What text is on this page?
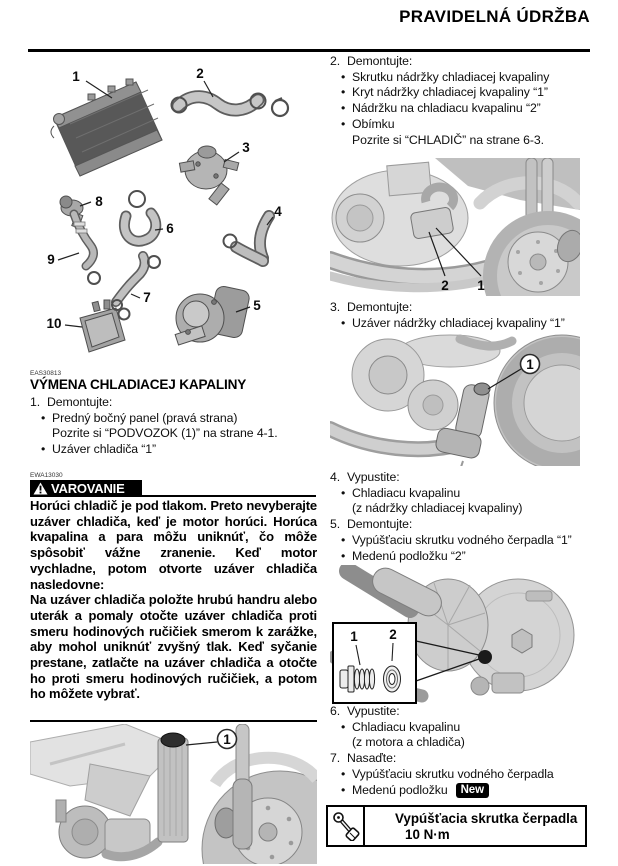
PRAVIDELNÁ ÚDRŽBA
1	2
3
8
6
4
9
7
5
10
EAS30813
VÝMENA CHLADIACEJ KAPALINY
1. Demontujte:
• Predný bočný panel (pravá strana)
Pozrite si “PODVOZOK (1)” na strane 4-1.
• Uzáver chladiča “1”
EWA13030
VAROVANIE
Horúci chladič je pod tlakom. Preto nevyberajte uzáver chladiča, keď je motor horúci. Horúca kvapalina a para môžu uniknúť, čo môže spôsobiť vážne zranenie. Keď motor vychladne, potom otvorte uzáver chladiča nasledovne:
Na uzáver chladiča položte hrubú handru alebo uterák a pomaly otočte uzáver chladiča proti smeru hodinových ručičiek smerom k zarážke, aby mohol uniknúť zvyšný tlak. Keď syčanie prestane, zatlačte na uzáver chladiča a otočte ho proti smeru hodinových ručičiek, a potom ho môžete vybrať.
1
2. Demontujte:
• Skrutku nádržky chladiacej kvapaliny
• Kryt nádržky chladiacej kvapaliny “1”
• Nádržku na chladiacu kvapalinu “2”
• Obímku
Pozrite si “CHLADIČ” na strane 6-3.
2 1
3. Demontujte:
• Uzáver nádržky chladiacej kvapaliny “1”
1
4. Vypustite:
• Chladiacu kvapalinu
(z nádržky chladiacej kvapaliny)
5. Demontujte:
• Vypúšťaciu skrutku vodného čerpadla “1”
• Medenú podložku “2”
1 2
6. Vypustite:
• Chladiacu kvapalinu
(z motora a chladiča)
7. Nasaďte:
• Vypúšťaciu skrutku vodného čerpadla
• Medenú podložku New
Vypúšťacia skrutka čerpadla
10 N·m
